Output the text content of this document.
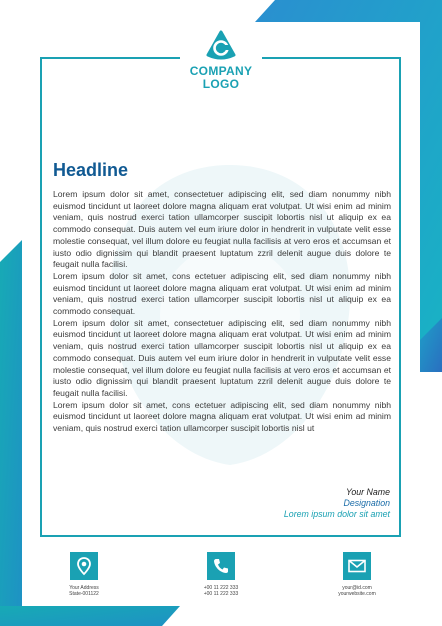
COMPANY
LOGO
Headline

Lorem ipsum dolor sit amet, consectetuer adipiscing elit, sed diam nonummy nibh euismod tincidunt ut laoreet dolore magna aliquam erat volutpat. Ut wisi enim ad minim veniam, quis nostrud exerci tation ullamcorper suscipit lobortis nisl ut aliquip ex ea commodo consequat. Duis autem vel eum iriure dolor in hendrerit in vulputate velit esse molestie consequat, vel illum dolore eu feugiat nulla facilisis at vero eros et accumsan et iusto odio dignissim qui blandit praesent luptatum zzril delenit augue duis dolore te feugait nulla facilisi.

Lorem ipsum dolor sit amet, cons ectetuer adipiscing elit, sed diam nonummy nibh euismod tincidunt ut laoreet dolore magna aliquam erat volutpat. Ut wisi enim ad minim veniam, quis nostrud exerci tation ullamcorper suscipit lobortis nisl ut aliquip ex ea commodo consequat.

Lorem ipsum dolor sit amet, consectetuer adipiscing elit, sed diam nonummy nibh euismod tincidunt ut laoreet dolore magna aliquam erat volutpat. Ut wisi enim ad minim veniam, quis nostrud exerci tation ullamcorper suscipit lobortis nisl ut aliquip ex ea commodo consequat. Duis autem vel eum iriure dolor in hendrerit in vulputate velit esse molestie consequat, vel illum dolore eu feugiat nulla facilisis at vero eros et accumsan et iusto odio dignissim qui blandit praesent luptatum zzril delenit augue duis dolore te feugait nulla facilisi.

Lorem ipsum dolor sit amet, cons ectetuer adipiscing elit, sed diam nonummy nibh euismod tincidunt ut laoreet dolore magna aliquam erat volutpat. Ut wisi enim ad minim veniam, quis nostrud exerci tation ullamcorper suscipit lobortis nisl ut

Your Name
Designation
Lorem ipsum dolor sit amet
Your Address
State-001122
+00 11 222 333
+00 11 222 333
your@id.com
yourwebsite.com
